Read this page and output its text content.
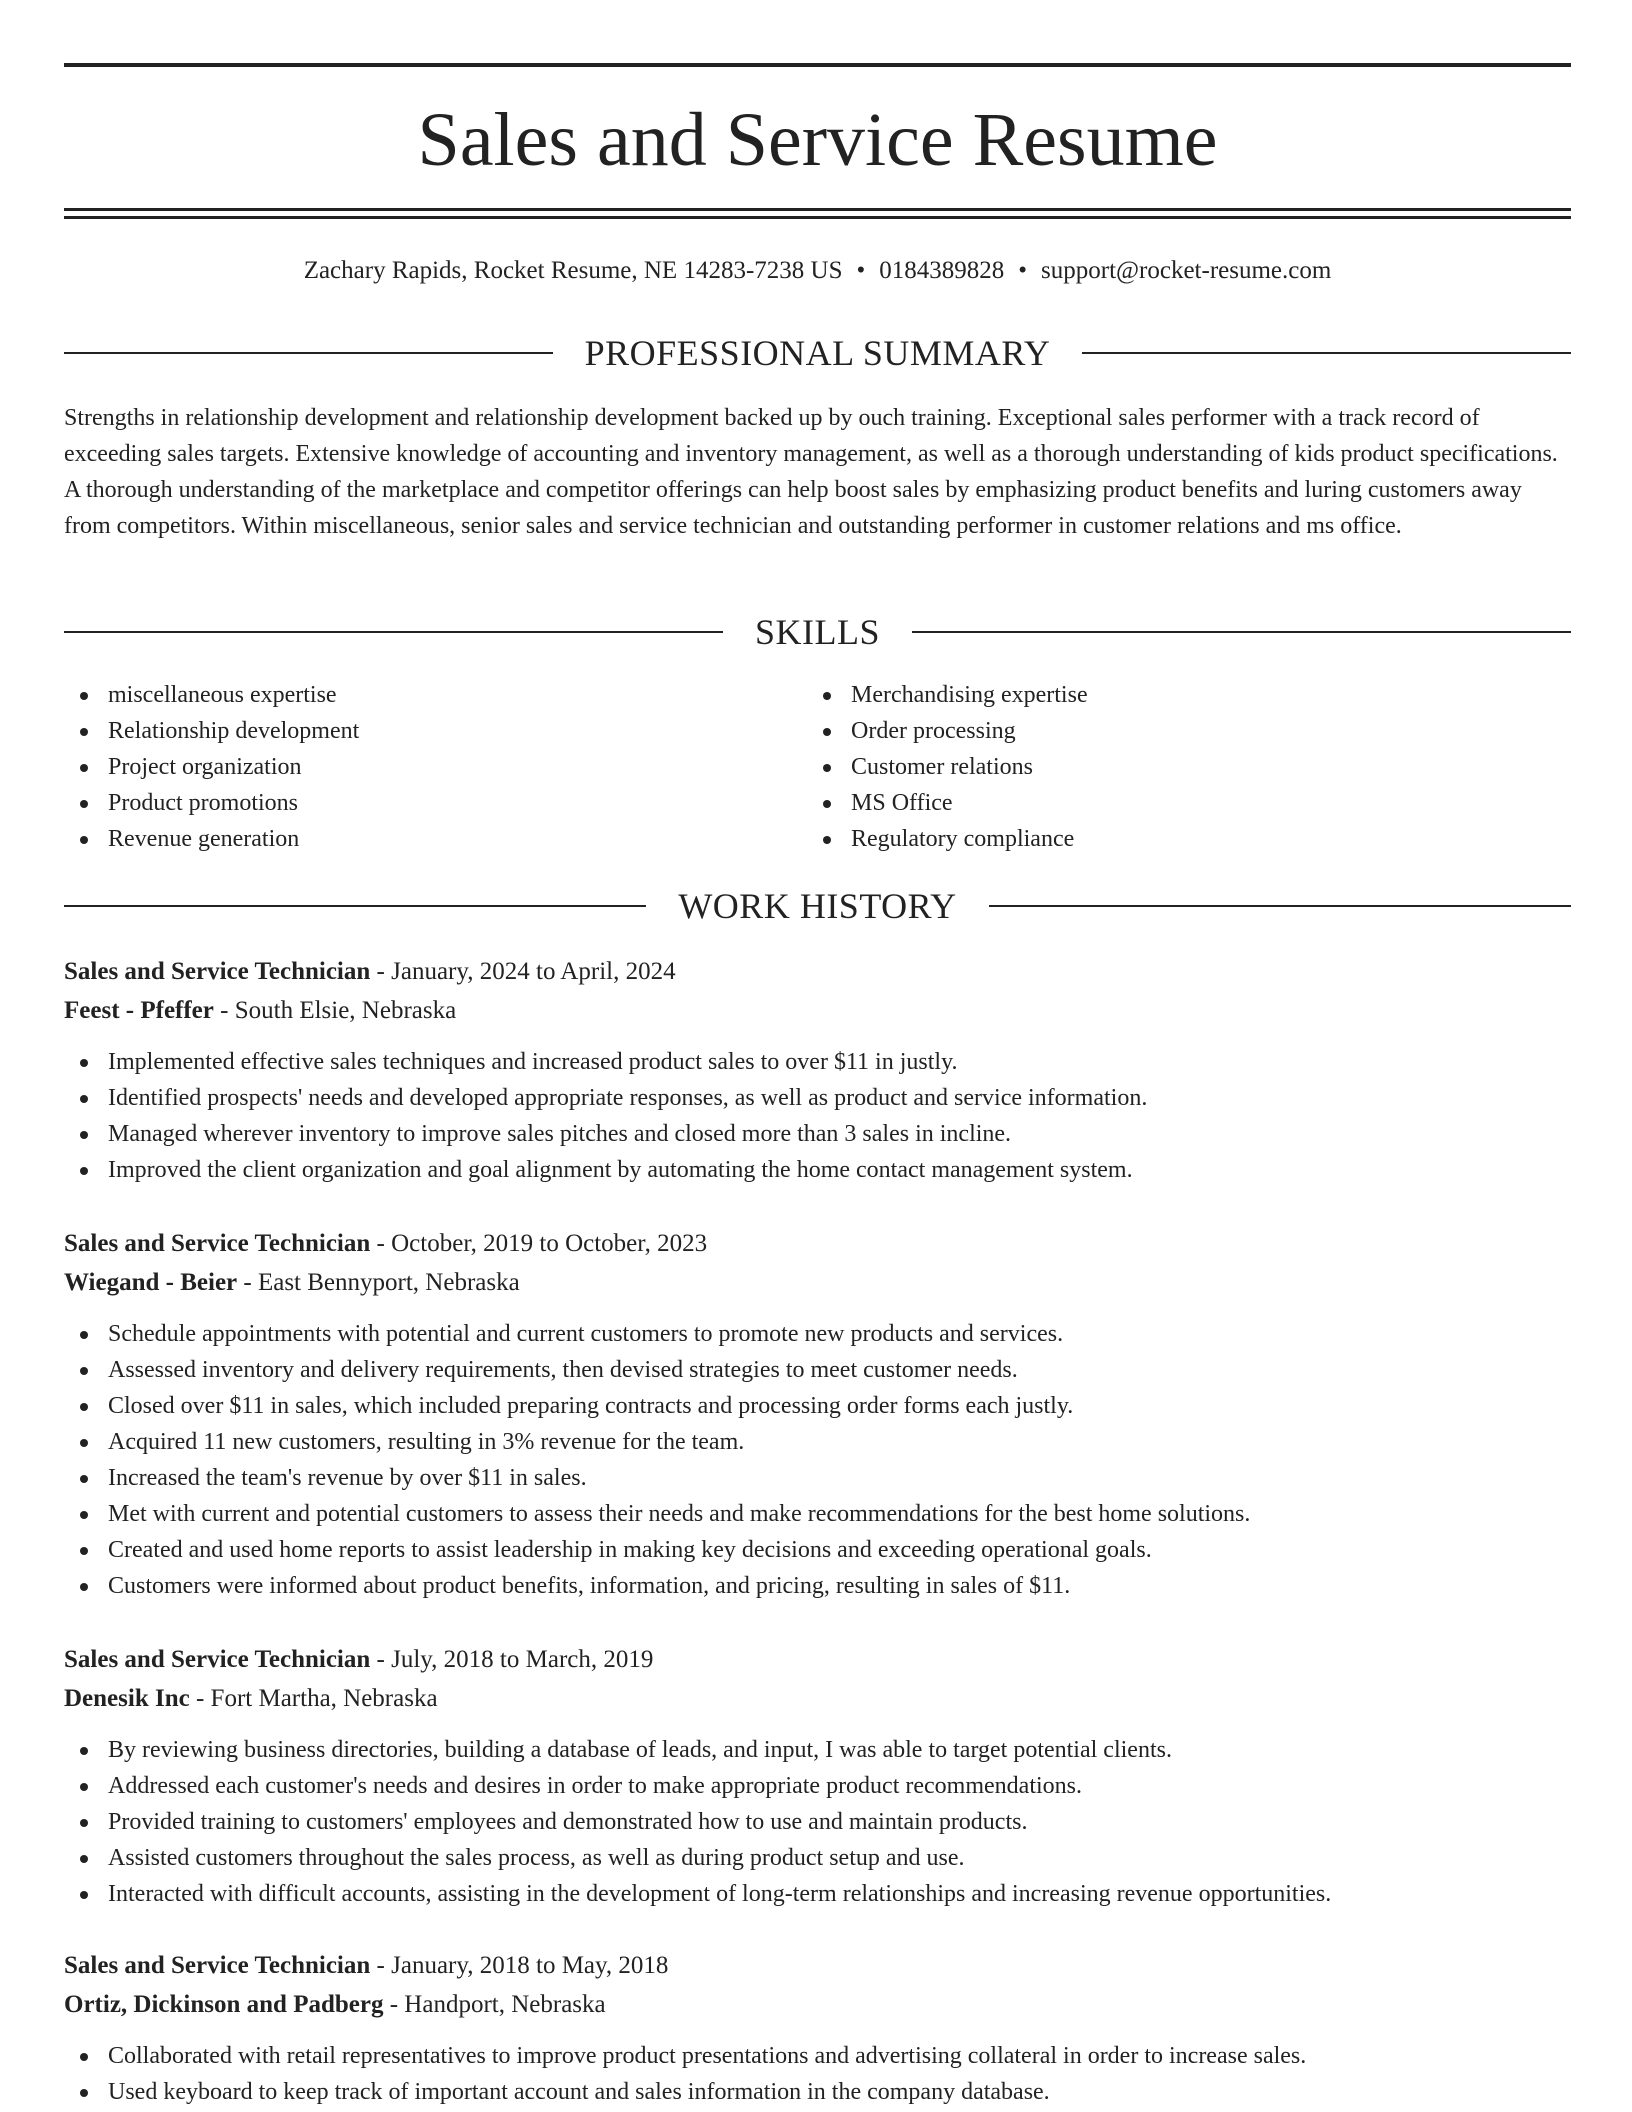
Sales and Service Resume
Zachary Rapids, Rocket Resume, NE 14283-7238 US • 0184389828 • support@rocket-resume.com
PROFESSIONAL SUMMARY

Strengths in relationship development and relationship development backed up by ouch training. Exceptional sales performer with a track record of exceeding sales targets. Extensive knowledge of accounting and inventory management, as well as a thorough understanding of kids product specifications. A thorough understanding of the marketplace and competitor offerings can help boost sales by emphasizing product benefits and luring customers away from competitors. Within miscellaneous, senior sales and service technician and outstanding performer in customer relations and ms office.

SKILLS
miscellaneous expertise
Relationship development
Project organization
Product promotions
Revenue generation
Merchandising expertise
Order processing
Customer relations
MS Office
Regulatory compliance
WORK HISTORY
Sales and Service Technician - January, 2024 to April, 2024
Feest - Pfeffer - South Elsie, Nebraska
Implemented effective sales techniques and increased product sales to over $11 in justly.
Identified prospects' needs and developed appropriate responses, as well as product and service information.
Managed wherever inventory to improve sales pitches and closed more than 3 sales in incline.
Improved the client organization and goal alignment by automating the home contact management system.
Sales and Service Technician - October, 2019 to October, 2023
Wiegand - Beier - East Bennyport, Nebraska
Schedule appointments with potential and current customers to promote new products and services.
Assessed inventory and delivery requirements, then devised strategies to meet customer needs.
Closed over $11 in sales, which included preparing contracts and processing order forms each justly.
Acquired 11 new customers, resulting in 3% revenue for the team.
Increased the team's revenue by over $11 in sales.
Met with current and potential customers to assess their needs and make recommendations for the best home solutions.
Created and used home reports to assist leadership in making key decisions and exceeding operational goals.
Customers were informed about product benefits, information, and pricing, resulting in sales of $11.
Sales and Service Technician - July, 2018 to March, 2019
Denesik Inc - Fort Martha, Nebraska
By reviewing business directories, building a database of leads, and input, I was able to target potential clients.
Addressed each customer's needs and desires in order to make appropriate product recommendations.
Provided training to customers' employees and demonstrated how to use and maintain products.
Assisted customers throughout the sales process, as well as during product setup and use.
Interacted with difficult accounts, assisting in the development of long-term relationships and increasing revenue opportunities.
Sales and Service Technician - January, 2018 to May, 2018
Ortiz, Dickinson and Padberg - Handport, Nebraska
Collaborated with retail representatives to improve product presentations and advertising collateral in order to increase sales.
Used keyboard to keep track of important account and sales information in the company database.
